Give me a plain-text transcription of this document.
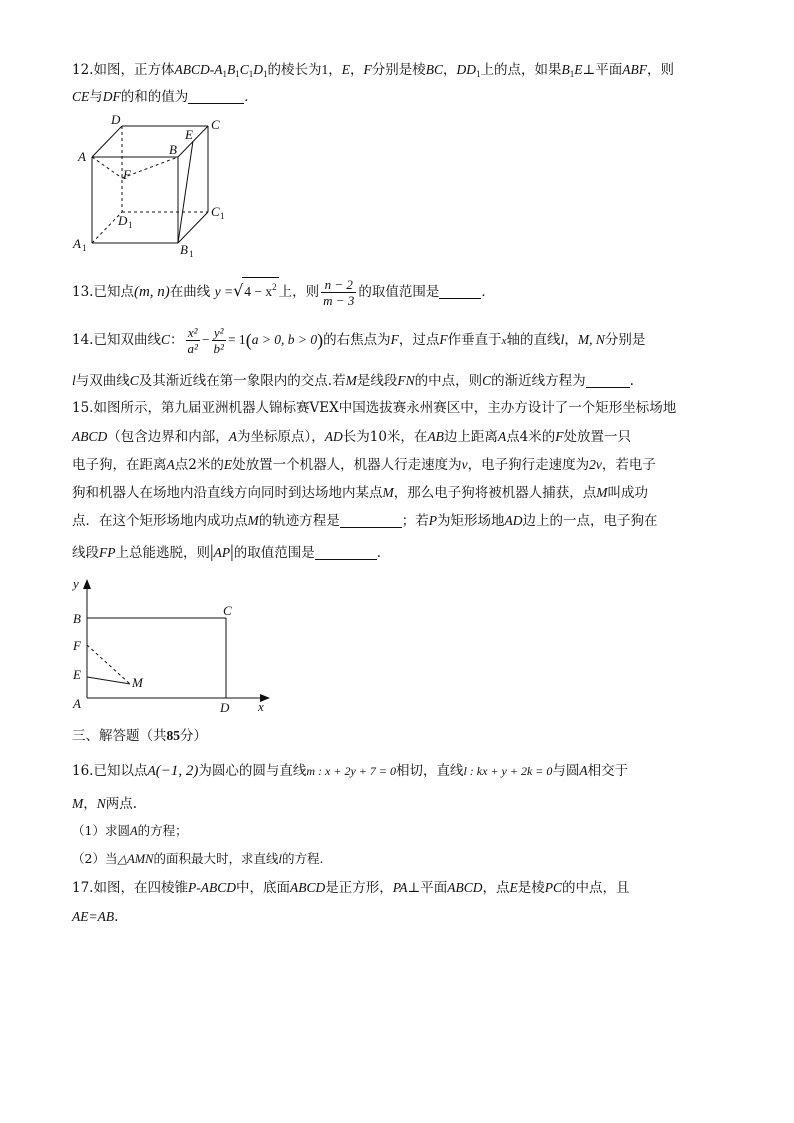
12.如图，正方体ABCD-$A_1B_1C_1D_1$的棱长为1，E，F分别是棱BC，$DD_1$上的点，如果$B_1E\perp$平面ABF，则
CE与DF的和的值为	．
D	C
E
A	B
F
D 1
C 1
A 1	B 1
13.已知点(m, n)在曲线 $y =√4 - x^2$ 上，则 $\frac{n - 2}{m - 3}$ 的取值范围是	．
14.已知双曲线C： $\frac{\text{x²}}{\text{a²}} - \frac{\text{y²}}{\text{b²}} = 1(a > 0$, b > 0)的右焦点为F，过点F作垂直于x轴的直线l，M, N分别是
l与双曲线C及其渐近线在第一象限内的交点.若M是线段FN的中点，则C的渐近线方程为	.
15.如图所示，第九届亚洲机器人锦标赛VEX中国选拔赛永州赛区中，主办方设计了一个矩形坐标场地
ABCD（包含边界和内部，A为坐标原点），AD长为10米，在AB边上距离A点4米的F处放置一只
电子狗，在距离A点2米的E处放置一个机器人，机器人行走速度为v，电子狗行走速度为2v，若电子
狗和机器人在场地内沿直线方向同时到达场地内某点M，那么电子狗将被机器人捕获，点M叫成功
点．在这个矩形场地内成功点M的轨迹方程是	；若P为矩形场地AD边上的一点，电子狗在
线段FP上总能逃脱，则|AP|的取值范围是	.
y
x
B
C
F
E
M
A	D
三、解答题（共85分）
16.已知以点A(−1, 2)为圆心的圆与直线m : x + 2y + 7 = 0相切，直线l : kx + y + 2k = 0与圆A相交于
M，N两点.
（1）求圆A的方程；
（2）当△AMN的面积最大时，求直线l的方程.
17.如图，在四棱锥P-ABCD中，底面ABCD是正方形，PA⊥平面ABCD，点E是棱PC的中点，且
AE=AB.
